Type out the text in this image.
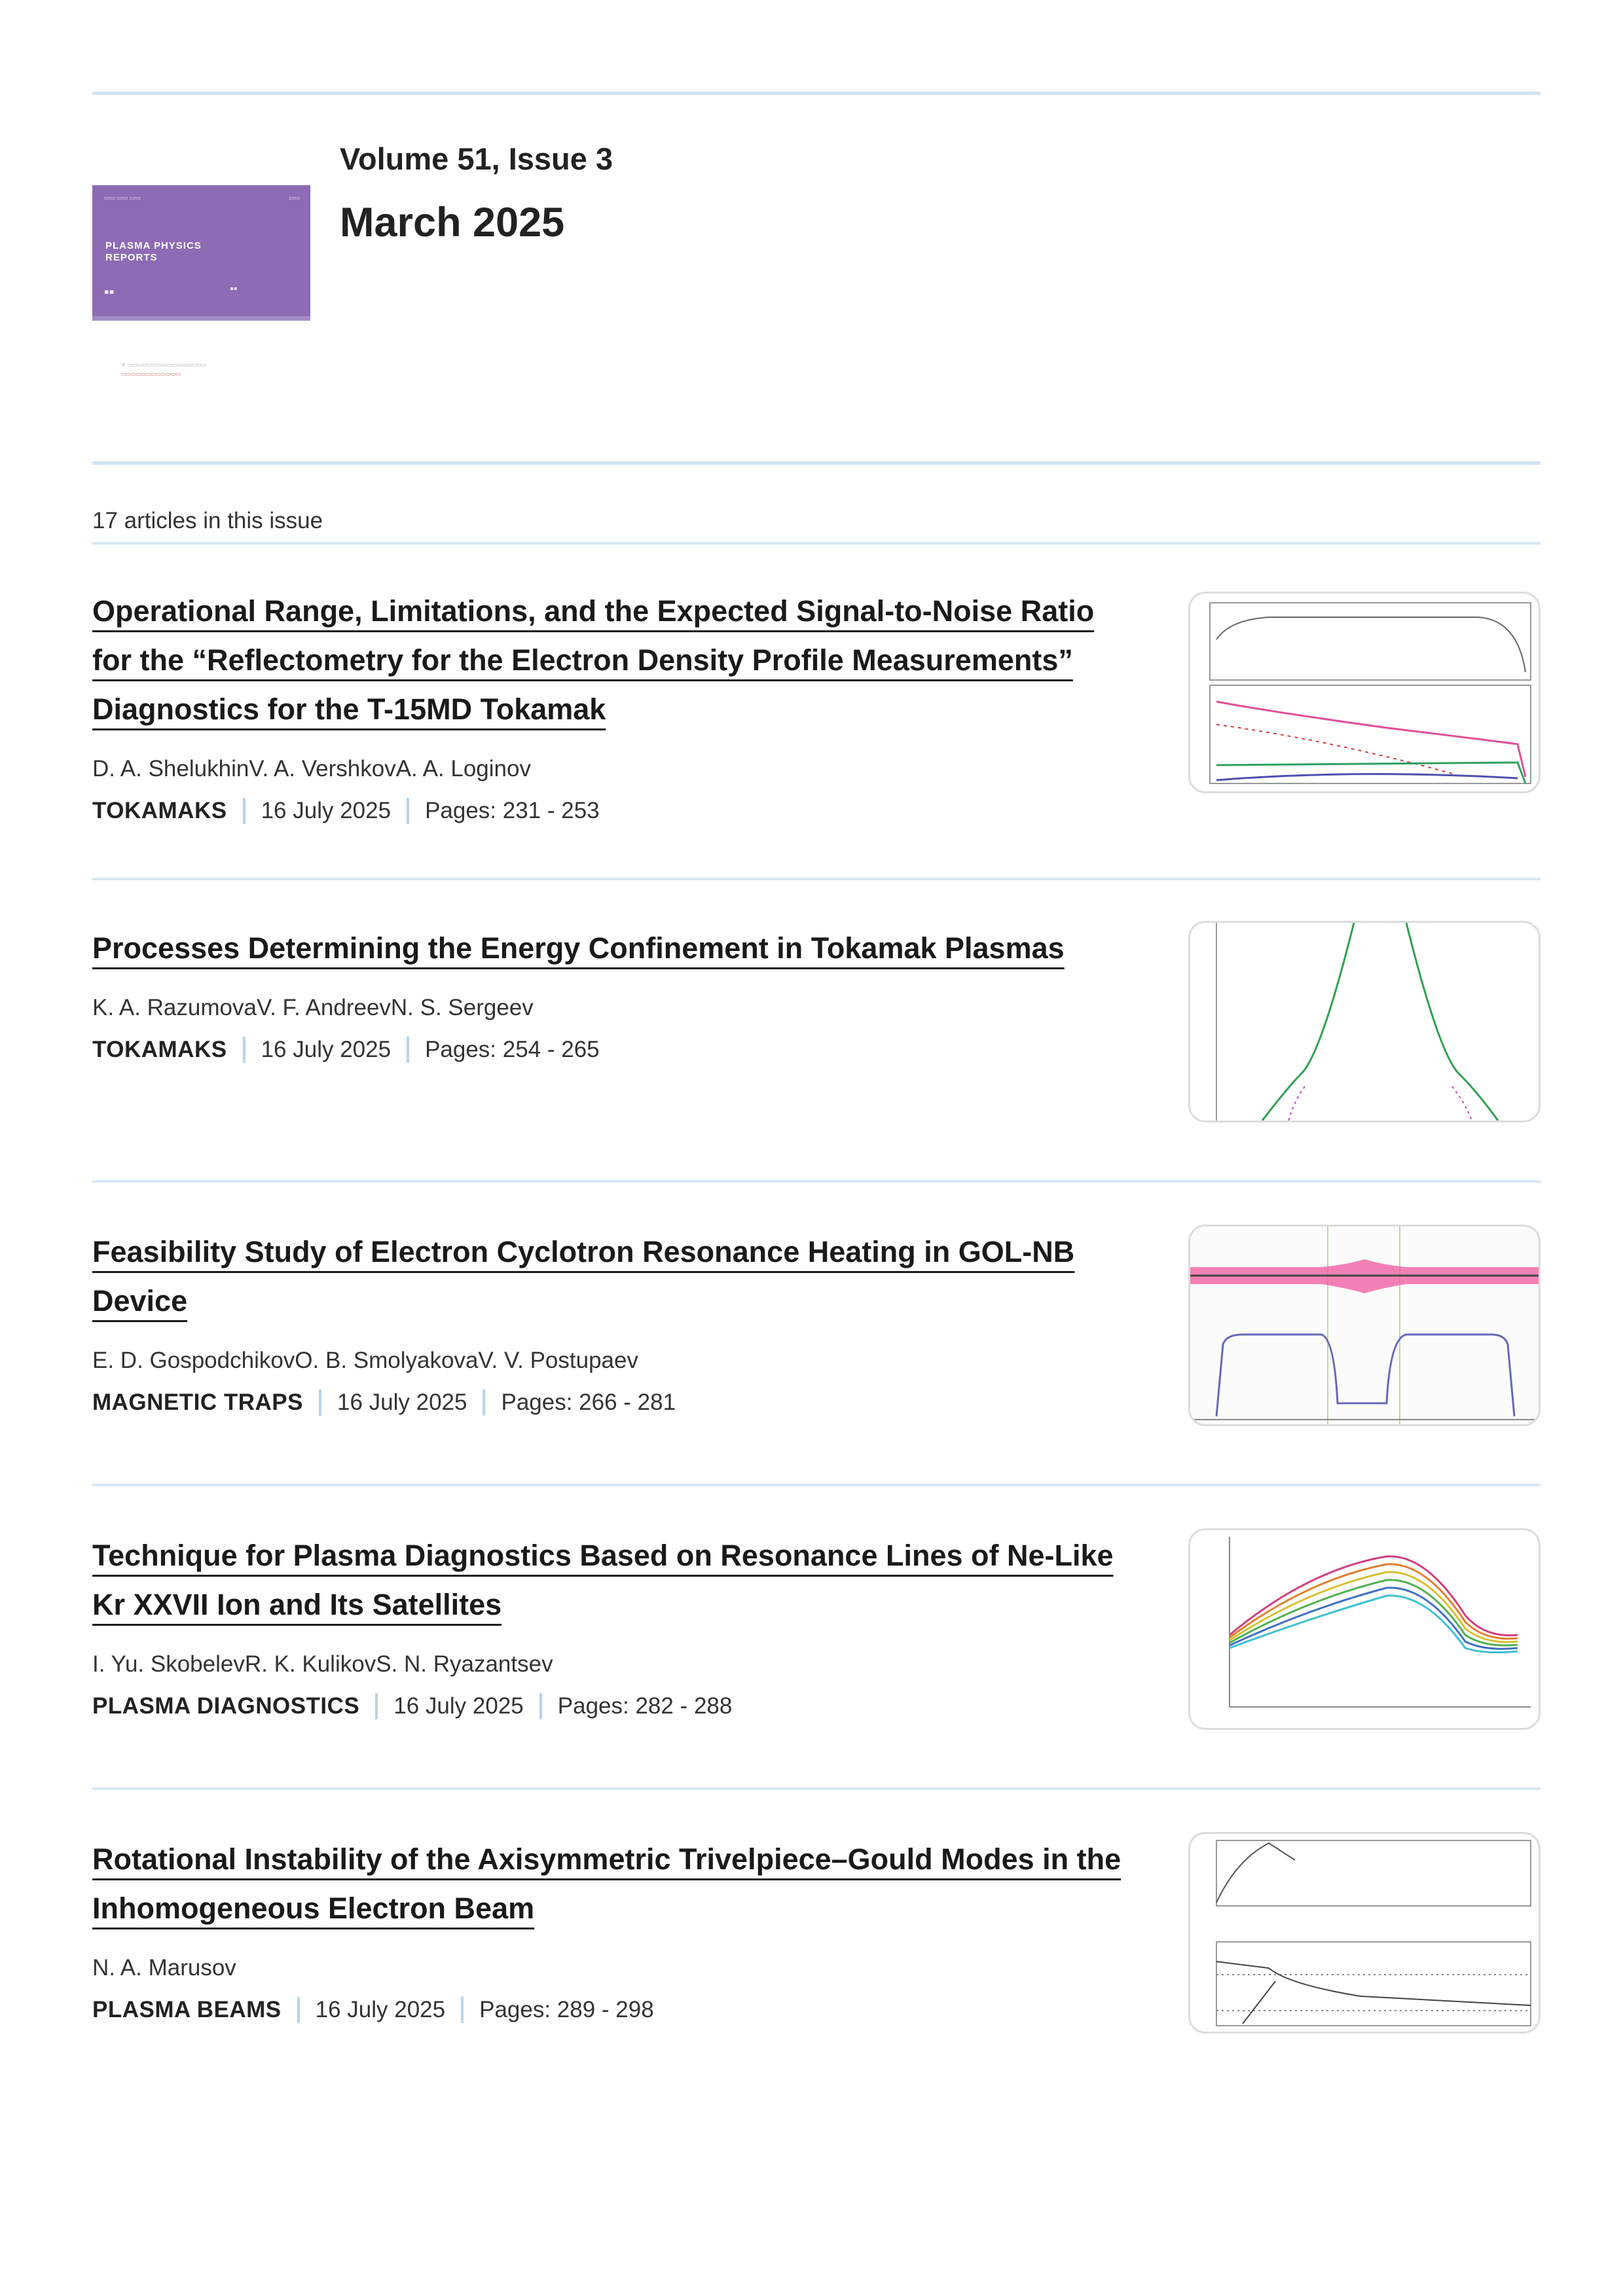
▭▭ ▭▭ ▭▭	▭▭
PLASMA PHYSICS
REPORTS
▪▪	▪▪
⚛ ▭▭▭▭▭▭▭▭▭▭▭▭▭▭▭▭
▭▭▭▭▭▭▭▭▭▭▭▭
Volume 51, Issue 3
March 2025
17 articles in this issue
Operational Range, Limitations, and the Expected Signal-to-Noise Ratio for the “Reflectometry for the Electron Density Profile Measurements” Diagnostics for the T-15MD Tokamak
D. A. ShelukhinV. A. VershkovA. A. Loginov
TOKAMAKS 16 July 2025 Pages: 231 - 253
Processes Determining the Energy Confinement in Tokamak Plasmas
K. A. RazumovaV. F. AndreevN. S. Sergeev
TOKAMAKS 16 July 2025 Pages: 254 - 265
Feasibility Study of Electron Cyclotron Resonance Heating in GOL-NB Device
E. D. GospodchikovO. B. SmolyakovaV. V. Postupaev
MAGNETIC TRAPS 16 July 2025 Pages: 266 - 281
Technique for Plasma Diagnostics Based on Resonance Lines of Ne-Like Kr XXVII Ion and Its Satellites
I. Yu. SkobelevR. K. KulikovS. N. Ryazantsev
PLASMA DIAGNOSTICS 16 July 2025 Pages: 282 - 288
Rotational Instability of the Axisymmetric Trivelpiece–Gould Modes in the Inhomogeneous Electron Beam
N. A. Marusov
PLASMA BEAMS 16 July 2025 Pages: 289 - 298
